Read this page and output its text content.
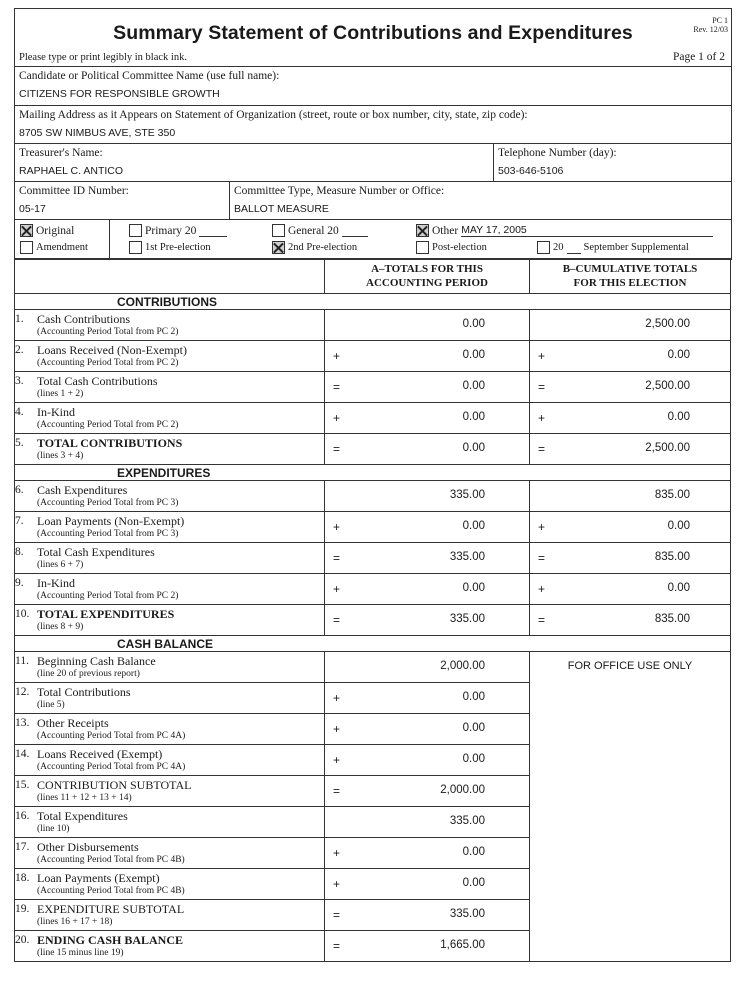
Summary Statement of Contributions and Expenditures
PC 1
Rev. 12/03
Please type or print legibly in black ink.	Page 1 of 2
Candidate or Political Committee Name (use full name):
CITIZENS FOR RESPONSIBLE GROWTH
Mailing Address as it Appears on Statement of Organization (street, route or box number, city, state, zip code):
8705 SW NIMBUS AVE, STE 350
Treasurer's Name:
RAPHAEL C. ANTICO
Telephone Number (day):
503-646-5106
Committee ID Number:
05-17
Committee Type, Measure Number or Office:
BALLOT MEASURE
Original
Amendment
Primary 20

1st Pre-election
General 20

2nd Pre-election
Other MAY 17, 2005
Post-election	20
September Supplemental

A–TOTALS FOR THIS
ACCOUNTING PERIOD

B–CUMULATIVE TOTALS
FOR THIS ELECTION

CONTRIBUTIONS		
1. Cash Contributions
(Accounting Period Total from PC 2)	0.00	2,500.00

2. Loans Received (Non-Exempt)
(Accounting Period Total from PC 2)	+	0.00	+	0.00

3. Total Cash Contributions
(lines 1 + 2)	=	0.00	=	2,500.00

4. In-Kind
(Accounting Period Total from PC 2)	+	0.00	+	0.00

5. TOTAL CONTRIBUTIONS
(lines 3 + 4)	=	0.00	=	2,500.00

EXPENDITURES		
6. Cash Expenditures
(Accounting Period Total from PC 3)	335.00	835.00

7. Loan Payments (Non-Exempt)
(Accounting Period Total from PC 3)	+	0.00	+	0.00

8. Total Cash Expenditures
(lines 6 + 7)	=	335.00	=	835.00

9. In-Kind
(Accounting Period Total from PC 2)	+	0.00	+	0.00

10. TOTAL EXPENDITURES
(lines 8 + 9)	=	335.00	=	835.00

CASH BALANCE		
11. Beginning Cash Balance
(line 20 of previous report)	2,000.00	FOR OFFICE USE ONLY
12. Total Contributions
(line 5)	+	0.00

13. Other Receipts
(Accounting Period Total from PC 4A)	+	0.00

14. Loans Received (Exempt)
(Accounting Period Total from PC 4A)	+	0.00

15. CONTRIBUTION SUBTOTAL
(lines 11 + 12 + 13 + 14)	=	2,000.00

16. Total Expenditures
(line 10)	335.00	

17. Other Disbursements
(Accounting Period Total from PC 4B)	+	0.00

18. Loan Payments (Exempt)
(Accounting Period Total from PC 4B)	+	0.00

19. EXPENDITURE SUBTOTAL
(lines 16 + 17 + 18)	=	335.00

20. ENDING CASH BALANCE
(line 15 minus line 19)	=	1,665.00
